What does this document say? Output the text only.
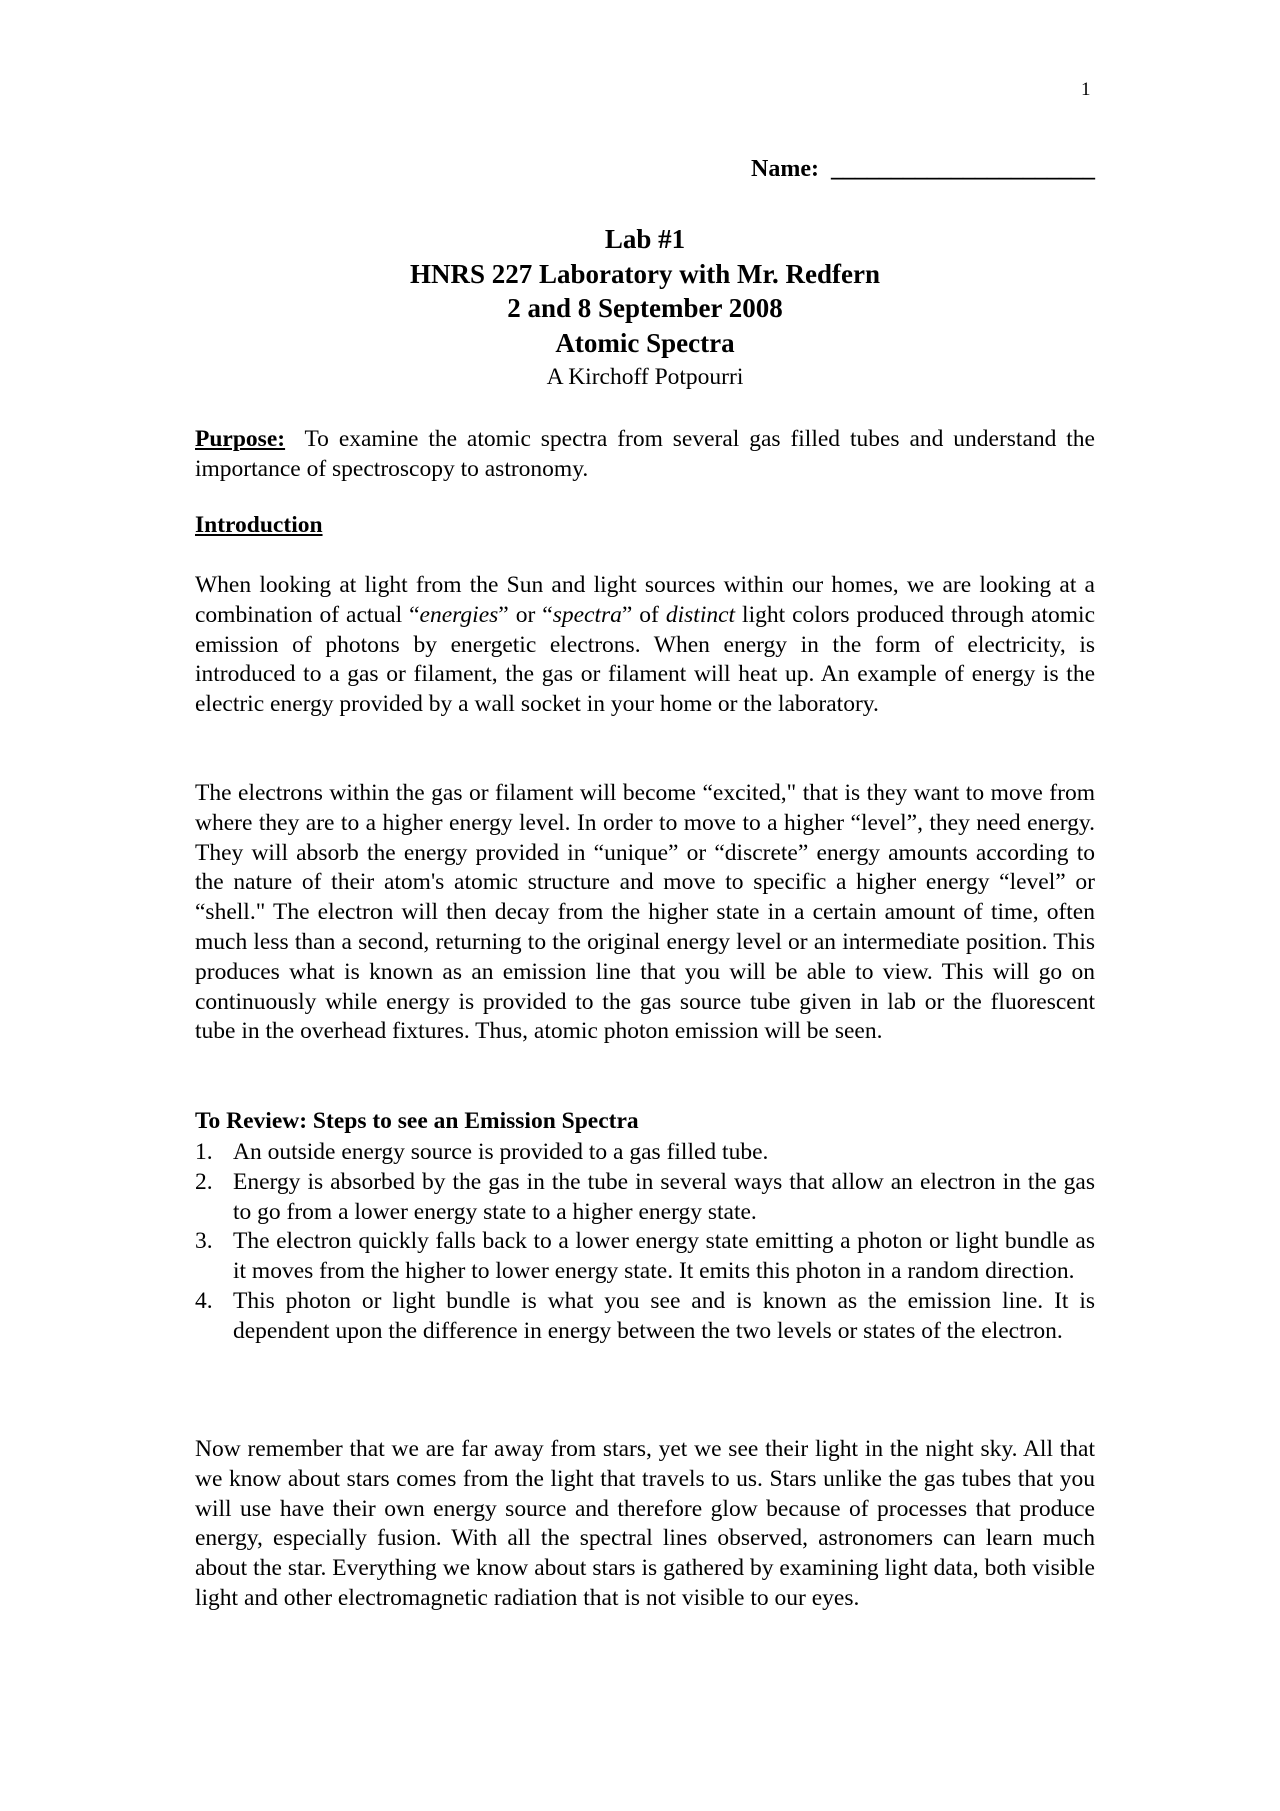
1
Name: ______________________
Lab #1
HNRS 227 Laboratory with Mr. Redfern
2 and 8 September 2008
Atomic Spectra
A Kirchoff Potpourri
Purpose: To examine the atomic spectra from several gas filled tubes and understand the importance of spectroscopy to astronomy.
Introduction
When looking at light from the Sun and light sources within our homes, we are looking at a combination of actual “energies” or “spectra” of distinct light colors produced through atomic emission of photons by energetic electrons. When energy in the form of electricity, is introduced to a gas or filament, the gas or filament will heat up. An example of energy is the electric energy provided by a wall socket in your home or the laboratory.
The electrons within the gas or filament will become “excited," that is they want to move from where they are to a higher energy level. In order to move to a higher “level”, they need energy. They will absorb the energy provided in “unique” or “discrete” energy amounts according to the nature of their atom's atomic structure and move to specific a higher energy “level” or “shell." The electron will then decay from the higher state in a certain amount of time, often much less than a second, returning to the original energy level or an intermediate position. This produces what is known as an emission line that you will be able to view. This will go on continuously while energy is provided to the gas source tube given in lab or the fluorescent tube in the overhead fixtures. Thus, atomic photon emission will be seen.
To Review: Steps to see an Emission Spectra
1. An outside energy source is provided to a gas filled tube.
2. Energy is absorbed by the gas in the tube in several ways that allow an electron in the gas to go from a lower energy state to a higher energy state.
3. The electron quickly falls back to a lower energy state emitting a photon or light bundle as it moves from the higher to lower energy state. It emits this photon in a random direction.
4. This photon or light bundle is what you see and is known as the emission line. It is dependent upon the difference in energy between the two levels or states of the electron.
Now remember that we are far away from stars, yet we see their light in the night sky. All that we know about stars comes from the light that travels to us. Stars unlike the gas tubes that you will use have their own energy source and therefore glow because of processes that produce energy, especially fusion. With all the spectral lines observed, astronomers can learn much about the star. Everything we know about stars is gathered by examining light data, both visible light and other electromagnetic radiation that is not visible to our eyes.
